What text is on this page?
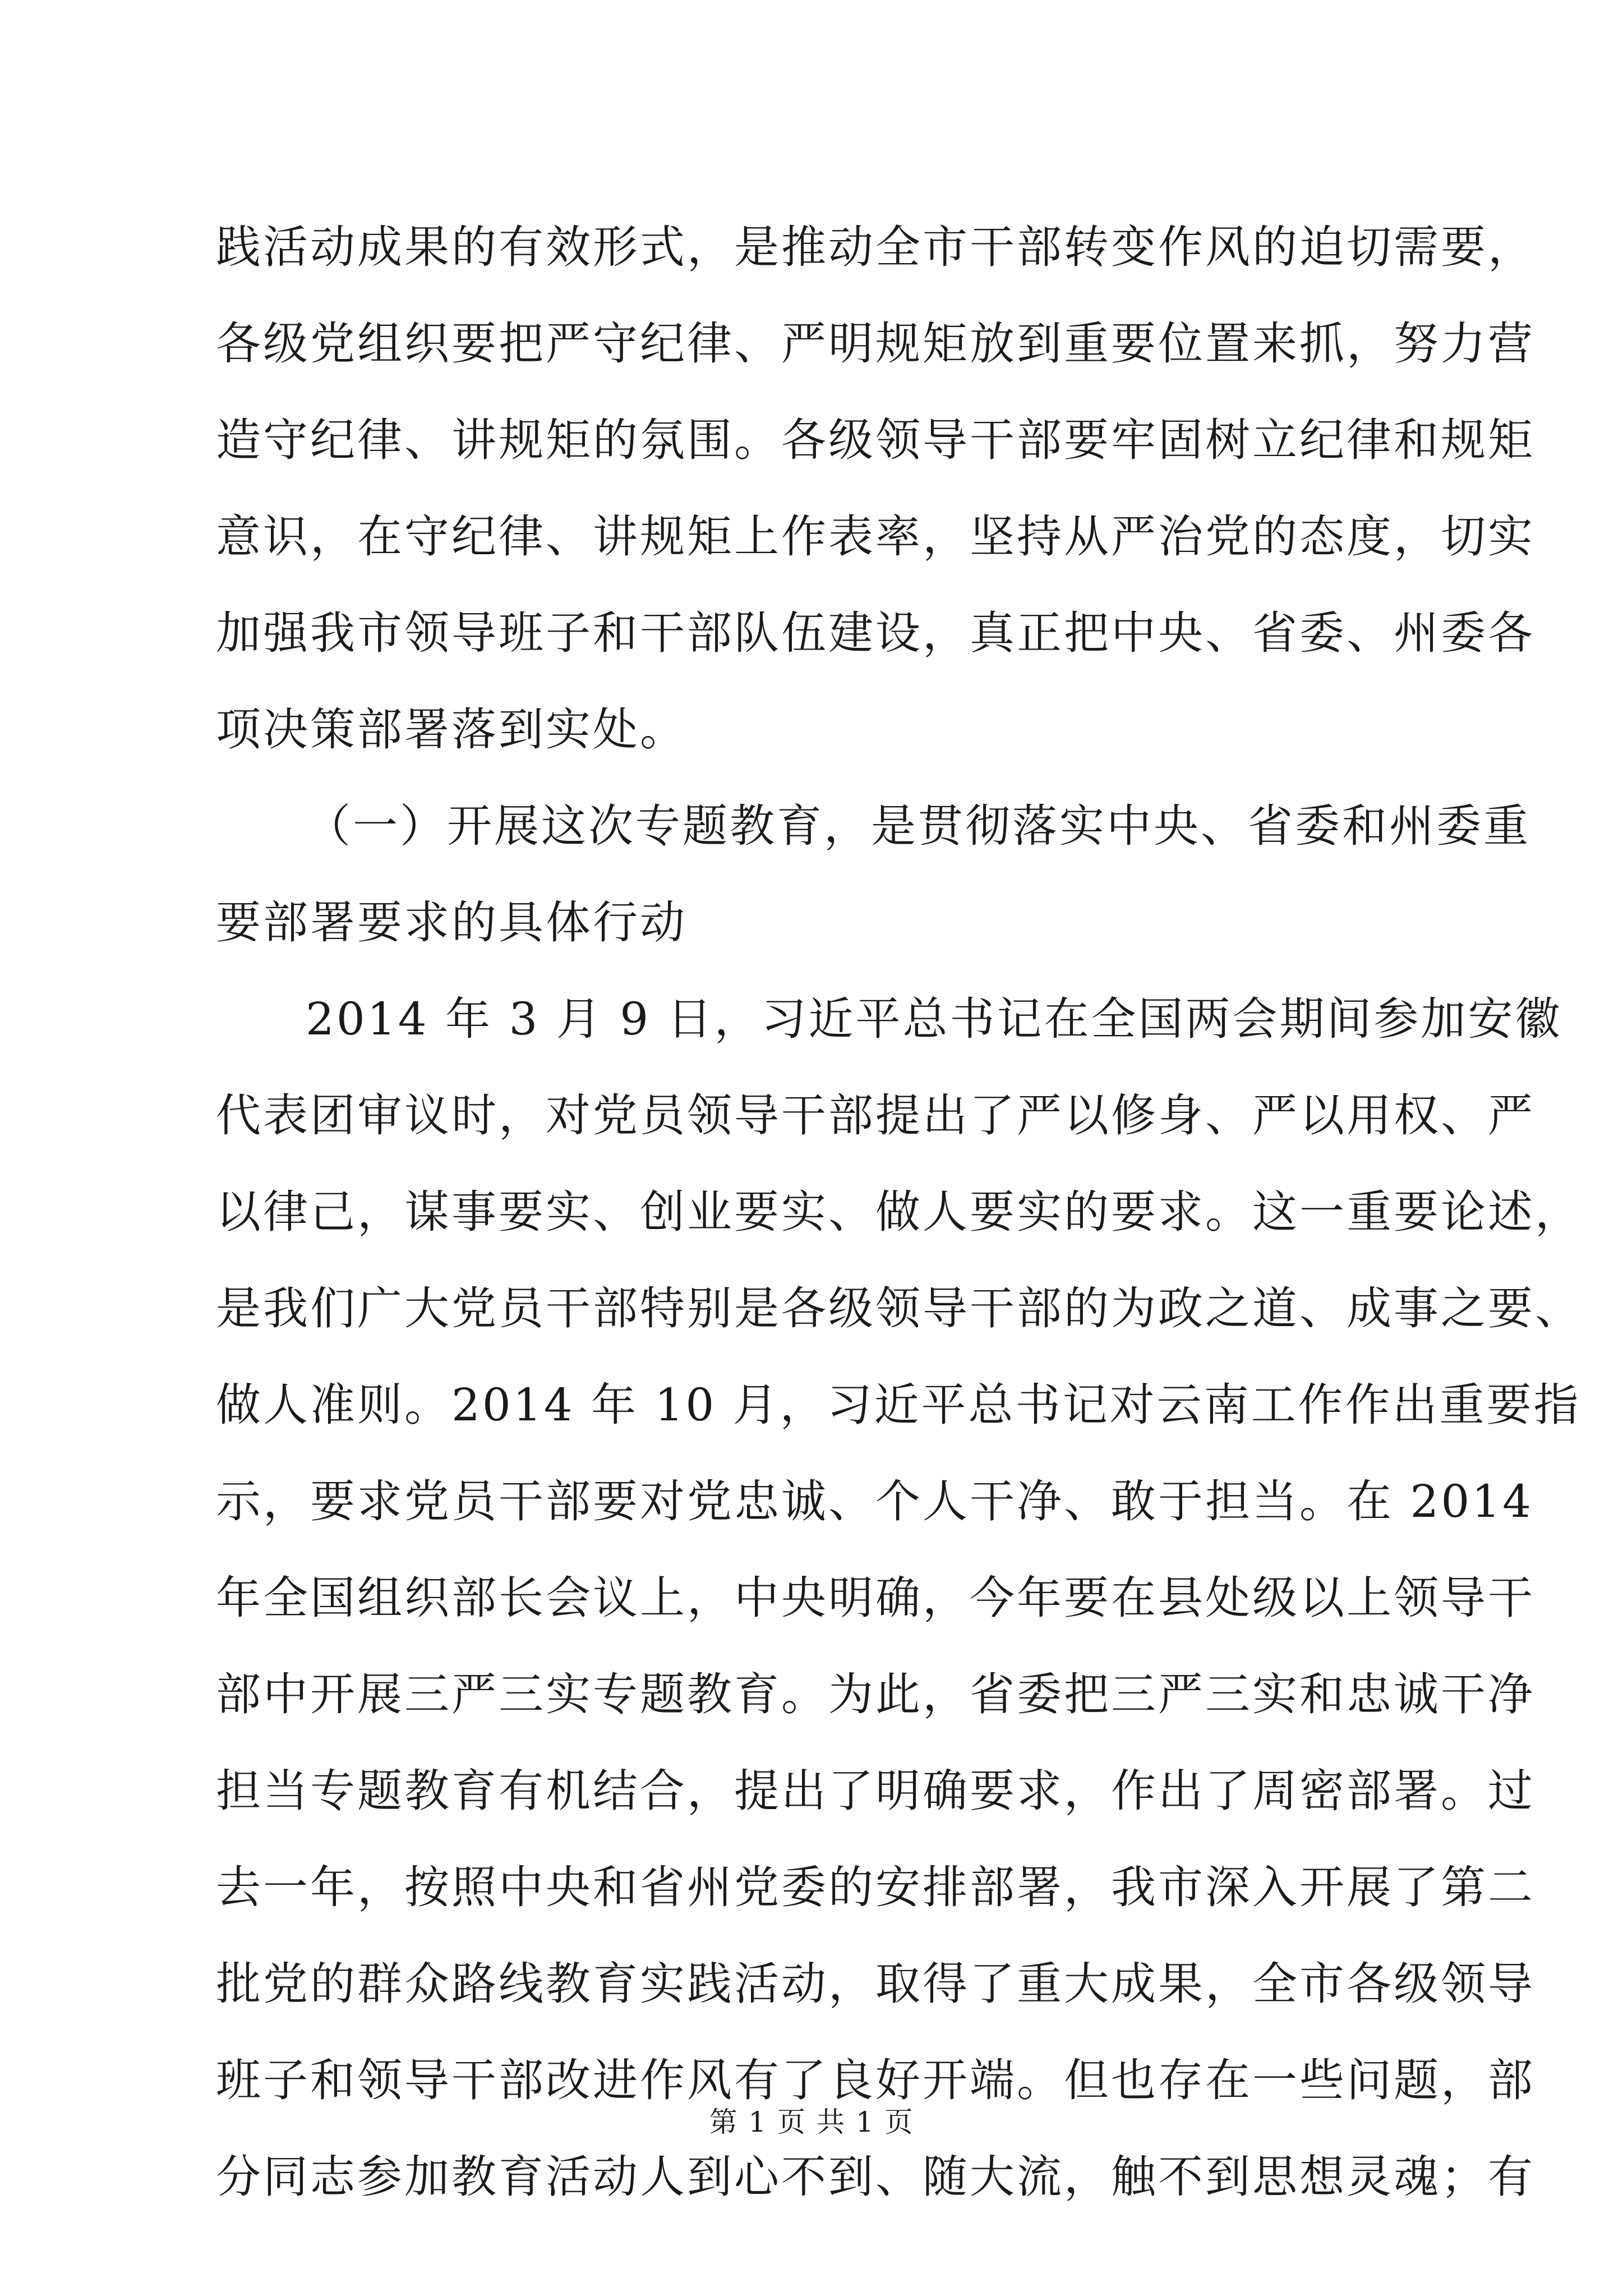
践活动成果的有效形式，是推动全市干部转变作风的迫切需要，
各级党组织要把严守纪律、严明规矩放到重要位置来抓，努力营
造守纪律、讲规矩的氛围。各级领导干部要牢固树立纪律和规矩
意识，在守纪律、讲规矩上作表率，坚持从严治党的态度，切实
加强我市领导班子和干部队伍建设，真正把中央、省委、州委各
项决策部署落到实处。
（一）开展这次专题教育，是贯彻落实中央、省委和州委重
要部署要求的具体行动
2014 年 3 月 9 日，习近平总书记在全国两会期间参加安徽
代表团审议时，对党员领导干部提出了严以修身、严以用权、严
以律己，谋事要实、创业要实、做人要实的要求。这一重要论述，
是我们广大党员干部特别是各级领导干部的为政之道、成事之要、
做人准则。2014 年 10 月，习近平总书记对云南工作作出重要指
示，要求党员干部要对党忠诚、个人干净、敢于担当。在 2014
年全国组织部长会议上，中央明确，今年要在县处级以上领导干
部中开展三严三实专题教育。为此，省委把三严三实和忠诚干净
担当专题教育有机结合，提出了明确要求，作出了周密部署。过
去一年，按照中央和省州党委的安排部署，我市深入开展了第二
批党的群众路线教育实践活动，取得了重大成果，全市各级领导
班子和领导干部改进作风有了良好开端。但也存在一些问题，部
分同志参加教育活动人到心不到、随大流，触不到思想灵魂；有
第 1 页 共 1 页
